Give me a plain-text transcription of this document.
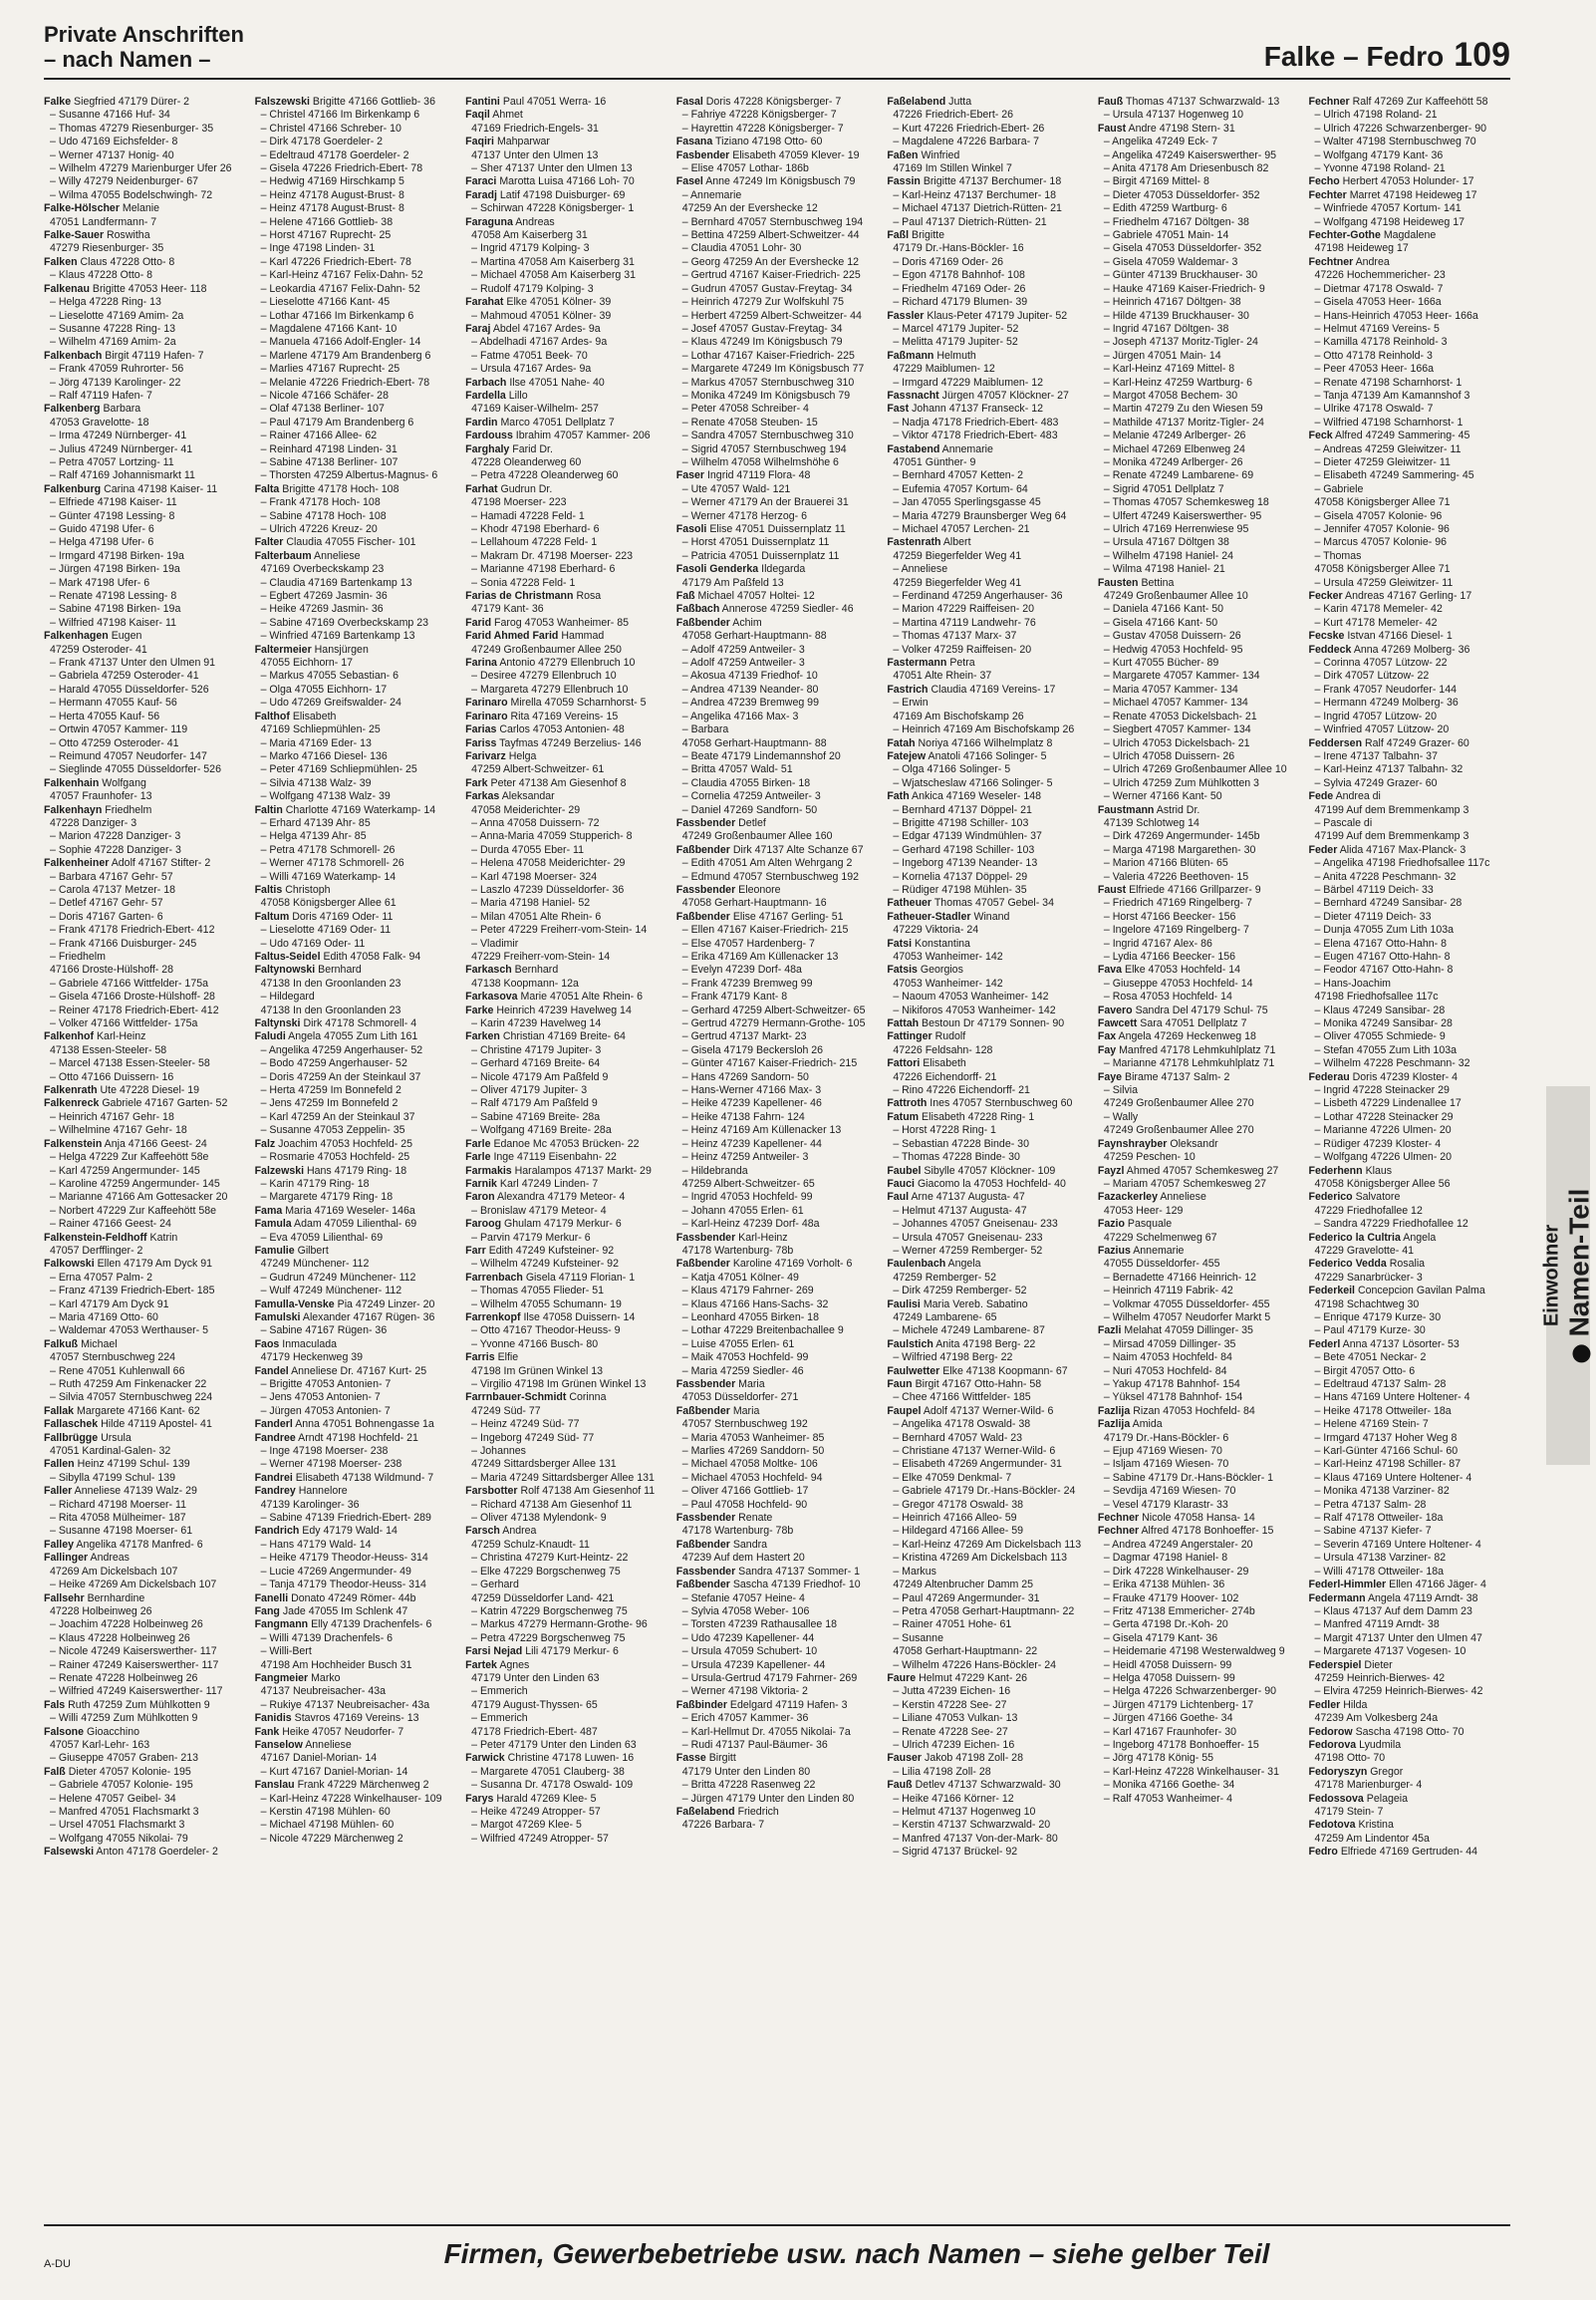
Private Anschriften
– nach Namen –	Falke – Fedro 109
Falke Siegfried 47179 Dürer- 2
– Susanne 47166 Huf- 34
– Thomas 47279 Riesenburger- 35
– Udo 47169 Eichsfelder- 8
– Werner 47137 Honig- 40
– Wilhelm 47279 Marienburger Ufer 26
– Willy 47279 Neidenburger- 67
– Wilma 47055 Bodelschwingh- 72
Falke-Hölscher Melanie
47051 Landfermann- 7
Falke-Sauer Roswitha
47279 Riesenburger- 35
Falken Claus 47228 Otto- 8
– Klaus 47228 Otto- 8
Falkenau Brigitte 47053 Heer- 118
– Helga 47228 Ring- 13
– Lieselotte 47169 Amim- 2a
– Susanne 47228 Ring- 13
– Wilhelm 47169 Amim- 2a
Falkenbach Birgit 47119 Hafen- 7
– Frank 47059 Ruhrorter- 56
– Jörg 47139 Karolinger- 22
– Ralf 47119 Hafen- 7
Falkenberg Barbara
47053 Gravelotte- 18
– Irma 47249 Nürnberger- 41
– Julius 47249 Nürnberger- 41
– Petra 47057 Lortzing- 11
– Ralf 47169 Johannismarkt 11
Falkenburg Carina 47198 Kaiser- 11
– Elfriede 47198 Kaiser- 11
– Günter 47198 Lessing- 8
– Guido 47198 Ufer- 6
– Helga 47198 Ufer- 6
– Irmgard 47198 Birken- 19a
– Jürgen 47198 Birken- 19a
– Mark 47198 Ufer- 6
– Renate 47198 Lessing- 8
– Sabine 47198 Birken- 19a
– Wilfried 47198 Kaiser- 11
Falkenhagen Eugen
47259 Osteroder- 41
– Frank 47137 Unter den Ulmen 91
– Gabriela 47259 Osteroder- 41
– Harald 47055 Düsseldorfer- 526
– Hermann 47055 Kauf- 56
– Herta 47055 Kauf- 56
– Ortwin 47057 Kammer- 119
– Otto 47259 Osteroder- 41
– Reimund 47057 Neudorfer- 147
– Sieglinde 47055 Düsseldorfer- 526
Falkenhain Wolfgang
47057 Fraunhofer- 13
Falkenhayn Friedhelm
47228 Danziger- 3
– Marion 47228 Danziger- 3
– Sophie 47228 Danziger- 3
Falkenheiner Adolf 47167 Stifter- 2
– Barbara 47167 Gehr- 57
– Carola 47137 Metzer- 18
– Detlef 47167 Gehr- 57
– Doris 47167 Garten- 6
– Frank 47178 Friedrich-Ebert- 412
– Frank 47166 Duisburger- 245
– Friedhelm
47166 Droste-Hülshoff- 28
– Gabriele 47166 Wittfelder- 175a
– Gisela 47166 Droste-Hülshoff- 28
– Reiner 47178 Friedrich-Ebert- 412
– Volker 47166 Wittfelder- 175a
Falkenhof Karl-Heinz
47138 Essen-Steeler- 58
– Marcel 47138 Essen-Steeler- 58
– Otto 47166 Duissern- 16
Falkenrath Ute 47228 Diesel- 19
Falkenreck Gabriele 47167 Garten- 52
– Heinrich 47167 Gehr- 18
– Wilhelmine 47167 Gehr- 18
Falkenstein Anja 47166 Geest- 24
– Helga 47229 Zur Kaffeehött 58e
– Karl 47259 Angermunder- 145
– Karoline 47259 Angermunder- 145
– Marianne 47166 Am Gottesacker 20
– Norbert 47229 Zur Kaffeehött 58e
– Rainer 47166 Geest- 24
Falkenstein-Feldhoff Katrin
47057 Derfflinger- 2
Falkowski Ellen 47179 Am Dyck 91
– Erna 47057 Palm- 2
– Franz 47139 Friedrich-Ebert- 185
– Karl 47179 Am Dyck 91
– Maria 47169 Otto- 60
– Waldemar 47053 Werthauser- 5
Falkuß Michael
47057 Sternbuschweg 224
– Rene 47051 Kuhlenwall 66
– Ruth 47259 Am Finkenacker 22
– Silvia 47057 Sternbuschweg 224
Fallak Margarete 47166 Kant- 62
Fallaschek Hilde 47119 Apostel- 41
Fallbrügge Ursula
47051 Kardinal-Galen- 32
Fallen Heinz 47199 Schul- 139
– Sibylla 47199 Schul- 139
Faller Anneliese 47139 Walz- 29
– Richard 47198 Moerser- 11
– Rita 47058 Mülheimer- 187
– Susanne 47198 Moerser- 61
Falley Angelika 47178 Manfred- 6
Fallinger Andreas
47269 Am Dickelsbach 107
– Heike 47269 Am Dickelsbach 107
Fallsehr Bernhardine
47228 Holbeinweg 26
– Joachim 47228 Holbeinweg 26
– Klaus 47228 Holbeinweg 26
– Nicole 47249 Kaiserswerther- 117
– Rainer 47249 Kaiserswerther- 117
– Renate 47228 Holbeinweg 26
– Wilfried 47249 Kaiserswerther- 117
Fals Ruth 47259 Zum Mühlkotten 9
– Willi 47259 Zum Mühlkotten 9
Falsone Gioacchino
47057 Karl-Lehr- 163
– Giuseppe 47057 Graben- 213
Falß Dieter 47057 Kolonie- 195
– Gabriele 47057 Kolonie- 195
– Helene 47057 Geibel- 34
– Manfred 47051 Flachsmarkt 3
– Ursel 47051 Flachsmarkt 3
– Wolfgang 47055 Nikolai- 79
Falsewski Anton 47178 Goerdeler- 2
Falszewski Brigitte 47166 Gottlieb- 36
– Christel 47166 Im Birkenkamp 6
– Christel 47166 Schreber- 10
– Dirk 47178 Goerdeler- 2
– Edeltraud 47178 Goerdeler- 2
– Gisela 47226 Friedrich-Ebert- 78
– Hedwig 47169 Hirschkamp 5
– Heinz 47178 August-Brust- 8
– Heinz 47178 August-Brust- 8
– Helene 47166 Gottlieb- 38
– Horst 47167 Ruprecht- 25
– Inge 47198 Linden- 31
– Karl 47226 Friedrich-Ebert- 78
– Karl-Heinz 47167 Felix-Dahn- 52
– Leokardia 47167 Felix-Dahn- 52
– Lieselotte 47166 Kant- 45
– Lothar 47166 Im Birkenkamp 6
– Magdalene 47166 Kant- 10
– Manuela 47166 Adolf-Engler- 14
– Marlene 47179 Am Brandenberg 6
– Marlies 47167 Ruprecht- 25
– Melanie 47226 Friedrich-Ebert- 78
– Nicole 47166 Schäfer- 28
– Olaf 47138 Berliner- 107
– Paul 47179 Am Brandenberg 6
– Rainer 47166 Allee- 62
– Reinhard 47198 Linden- 31
– Sabine 47138 Berliner- 107
– Thorsten 47259 Albertus-Magnus- 6
Falta Brigitte 47178 Hoch- 108
– Frank 47178 Hoch- 108
– Sabine 47178 Hoch- 108
– Ulrich 47226 Kreuz- 20
Falter Claudia 47055 Fischer- 101
Falterbaum Anneliese
47169 Overbeckskamp 23
– Claudia 47169 Bartenkamp 13
– Egbert 47269 Jasmin- 36
– Heike 47269 Jasmin- 36
– Sabine 47169 Overbeckskamp 23
– Winfried 47169 Bartenkamp 13
Faltermeier Hansjürgen
47055 Eichhorn- 17
– Markus 47055 Sebastian- 6
– Olga 47055 Eichhorn- 17
– Udo 47269 Greifswalder- 24
Falthof Elisabeth
47169 Schliepmühlen- 25
– Maria 47169 Eder- 13
– Marko 47166 Diesel- 136
– Peter 47169 Schliepmühlen- 25
– Silvia 47138 Walz- 39
– Wolfgang 47138 Walz- 39
Faltin Charlotte 47169 Waterkamp- 14
– Erhard 47139 Ahr- 85
– Helga 47139 Ahr- 85
– Petra 47178 Schmorell- 26
– Werner 47178 Schmorell- 26
– Willi 47169 Waterkamp- 14
Faltis Christoph
47058 Königsberger Allee 61
Faltum Doris 47169 Oder- 11
– Lieselotte 47169 Oder- 11
– Udo 47169 Oder- 11
Faltus-Seidel Edith 47058 Falk- 94
Faltynowski Bernhard
47138 In den Groonlanden 23
– Hildegard
47138 In den Groonlanden 23
Faltynski Dirk 47178 Schmorell- 4
Faludi Angela 47055 Zum Lith 161
– Angelika 47259 Angerhauser- 52
– Bodo 47259 Angerhauser- 52
– Doris 47259 An der Steinkaul 37
– Herta 47259 Im Bonnefeld 2
– Jens 47259 Im Bonnefeld 2
– Karl 47259 An der Steinkaul 37
– Susanne 47053 Zeppelin- 35
Falz Joachim 47053 Hochfeld- 25
– Rosmarie 47053 Hochfeld- 25
Falzewski Hans 47179 Ring- 18
– Karin 47179 Ring- 18
– Margarete 47179 Ring- 18
Fama Maria 47169 Weseler- 146a
Famula Adam 47059 Lilienthal- 69
– Eva 47059 Lilienthal- 69
Famulie Gilbert
47249 Münchener- 112
– Gudrun 47249 Münchener- 112
– Wulf 47249 Münchener- 112
Famulla-Venske Pia 47249 Linzer- 20
Famulski Alexander 47167 Rügen- 36
– Sabine 47167 Rügen- 36
Faos Inmaculada
47179 Heckenweg 39
Fandel Anneliese Dr. 47167 Kurt- 25
– Brigitte 47053 Antonien- 7
– Jens 47053 Antonien- 7
– Jürgen 47053 Antonien- 7
Fanderl Anna 47051 Bohnengasse 1a
Fandree Arndt 47198 Hochfeld- 21
– Inge 47198 Moerser- 238
– Werner 47198 Moerser- 238
Fandrei Elisabeth 47138 Wildmund- 7
Fandrey Hannelore
47139 Karolinger- 36
– Sabine 47139 Friedrich-Ebert- 289
Fandrich Edy 47179 Wald- 14
– Hans 47179 Wald- 14
– Heike 47179 Theodor-Heuss- 314
– Lucie 47269 Angermunder- 49
– Tanja 47179 Theodor-Heuss- 314
Fanelli Donato 47249 Römer- 44b
Fang Jade 47055 Im Schlenk 47
Fangmann Elly 47139 Drachenfels- 6
– Willi 47139 Drachenfels- 6
– Willi-Bert
47198 Am Hochheider Busch 31
Fangmeier Marko
47137 Neubreisacher- 43a
– Rukiye 47137 Neubreisacher- 43a
Fanidis Stavros 47169 Vereins- 13
Fank Heike 47057 Neudorfer- 7
Fanselow Anneliese
47167 Daniel-Morian- 14
– Kurt 47167 Daniel-Morian- 14
Fanslau Frank 47229 Märchenweg 2
– Karl-Heinz 47228 Winkelhauser- 109
– Kerstin 47198 Mühlen- 60
– Michael 47198 Mühlen- 60
– Nicole 47229 Märchenweg 2
Fantini Paul 47051 Werra- 16
Faqil Ahmet
47169 Friedrich-Engels- 31
Faqiri Mahparwar
47137 Unter den Ulmen 13
– Sher 47137 Unter den Ulmen 13
Faraci Marotta Luisa 47166 Loh- 70
Faradj Latif 47198 Duisburger- 69
– Schirwan 47228 Königsberger- 1
Faraguna Andreas
47058 Am Kaiserberg 31
– Ingrid 47179 Kolping- 3
– Martina 47058 Am Kaiserberg 31
– Michael 47058 Am Kaiserberg 31
– Rudolf 47179 Kolping- 3
Farahat Elke 47051 Kölner- 39
– Mahmoud 47051 Kölner- 39
Faraj Abdel 47167 Ardes- 9a
– Abdelhadi 47167 Ardes- 9a
– Fatme 47051 Beek- 70
– Ursula 47167 Ardes- 9a
Farbach Ilse 47051 Nahe- 40
Fardella Lillo
47169 Kaiser-Wilhelm- 257
Fardin Marco 47051 Dellplatz 7
Fardouss Ibrahim 47057 Kammer- 206
Farghaly Farid Dr.
47228 Oleanderweg 60
– Petra 47228 Oleanderweg 60
Farhat Gudrun Dr.
47198 Moerser- 223
– Hamadi 47228 Feld- 1
– Khodr 47198 Eberhard- 6
– Lellahoum 47228 Feld- 1
– Makram Dr. 47198 Moerser- 223
– Marianne 47198 Eberhard- 6
– Sonia 47228 Feld- 1
Farias de Christmann Rosa
47179 Kant- 36
Farid Farog 47053 Wanheimer- 85
Farid Ahmed Farid Hammad
47249 Großenbaumer Allee 250
Farina Antonio 47279 Ellenbruch 10
– Desiree 47279 Ellenbruch 10
– Margareta 47279 Ellenbruch 10
Farinaro Mirella 47059 Scharnhorst- 5
Farinaro Rita 47169 Vereins- 15
Farias Carlos 47053 Antonien- 48
Fariss Tayfmas 47249 Berzelius- 146
Farivarz Helga
47259 Albert-Schweitzer- 61
Fark Peter 47138 Am Giesenhof 8
Farkas Aleksandar
47058 Meiderichter- 29
– Anna 47058 Duissern- 72
– Anna-Maria 47059 Stupperich- 8
– Durda 47055 Eber- 11
– Helena 47058 Meiderichter- 29
– Karl 47198 Moerser- 324
– Laszlo 47239 Düsseldorfer- 36
– Maria 47198 Haniel- 52
– Milan 47051 Alte Rhein- 6
– Peter 47229 Freiherr-vom-Stein- 14
– Vladimir
47229 Freiherr-vom-Stein- 14
Farkasch Bernhard
47138 Koopmann- 12a
Farkasova Marie 47051 Alte Rhein- 6
Farke Heinrich 47239 Havelweg 14
– Karin 47239 Havelweg 14
Farken Christian 47169 Breite- 64
– Christine 47179 Jupiter- 3
– Gerhard 47169 Breite- 64
– Nicole 47179 Am Paßfeld 9
– Oliver 47179 Jupiter- 3
– Ralf 47179 Am Paßfeld 9
– Sabine 47169 Breite- 28a
– Wolfgang 47169 Breite- 28a
Farle Edanoe Mc 47053 Brücken- 22
Farle Inge 47119 Eisenbahn- 22
Farmakis Haralampos 47137 Markt- 29
Farnik Karl 47249 Linden- 7
Faron Alexandra 47179 Meteor- 4
– Bronislaw 47179 Meteor- 4
Faroog Ghulam 47179 Merkur- 6
– Parvin 47179 Merkur- 6
Farr Edith 47249 Kufsteiner- 92
– Wilhelm 47249 Kufsteiner- 92
Farrenbach Gisela 47119 Florian- 1
– Thomas 47055 Flieder- 51
– Wilhelm 47055 Schumann- 19
Farrenkopf Ilse 47058 Duissern- 14
– Otto 47167 Theodor-Heuss- 9
– Yvonne 47166 Busch- 80
Farris Elfie
47198 Im Grünen Winkel 13
– Virgilio 47198 Im Grünen Winkel 13
Farrnbauer-Schmidt Corinna
47249 Süd- 77
– Heinz 47249 Süd- 77
– Ingeborg 47249 Süd- 77
– Johannes
47249 Sittardsberger Allee 131
– Maria 47249 Sittardsberger Allee 131
Farsbotter Rolf 47138 Am Giesenhof 11
– Richard 47138 Am Giesenhof 11
– Oliver 47138 Mylendonk- 9
Farsch Andrea
47259 Schulz-Knaudt- 11
– Christina 47279 Kurt-Heintz- 22
– Elke 47229 Borgschenweg 75
– Gerhard
47259 Düsseldorfer Land- 421
– Katrin 47229 Borgschenweg 75
– Markus 47279 Hermann-Grothe- 96
– Petra 47229 Borgschenweg 75
Farsi Nejad Lili 47179 Merkur- 6
Fartek Agnes
47179 Unter den Linden 63
– Emmerich
47179 August-Thyssen- 65
– Emmerich
47178 Friedrich-Ebert- 487
– Peter 47179 Unter den Linden 63
Farwick Christine 47178 Luwen- 16
– Margarete 47051 Clauberg- 38
– Susanna Dr. 47178 Oswald- 109
Farys Harald 47269 Klee- 5
– Heike 47249 Atropper- 57
– Margot 47269 Klee- 5
– Wilfried 47249 Atropper- 57
Fasal Doris 47228 Königsberger- 7
– Fahriye 47228 Königsberger- 7
– Hayrettin 47228 Königsberger- 7
Fasana Tiziano 47198 Otto- 60
Fasbender Elisabeth 47059 Klever- 19
– Elise 47057 Lothar- 186b
Fasel Anne 47249 Im Königsbusch 79
– Annemarie
47259 An der Evershecke 12
– Bernhard 47057 Sternbuschweg 194
– Bettina 47259 Albert-Schweitzer- 44
– Claudia 47051 Lohr- 30
– Georg 47259 An der Evershecke 12
– Gertrud 47167 Kaiser-Friedrich- 225
– Gudrun 47057 Gustav-Freytag- 34
– Heinrich 47279 Zur Wolfskuhl 75
– Herbert 47259 Albert-Schweitzer- 44
– Josef 47057 Gustav-Freytag- 34
– Klaus 47249 Im Königsbusch 79
– Lothar 47167 Kaiser-Friedrich- 225
– Margarete 47249 Im Königsbusch 77
– Markus 47057 Sternbuschweg 310
– Monika 47249 Im Königsbusch 79
– Peter 47058 Schreiber- 4
– Renate 47058 Steuben- 15
– Sandra 47057 Sternbuschweg 310
– Sigrid 47057 Sternbuschweg 194
– Wilhelm 47058 Wilhelmshöhe 6
Faser Ingrid 47119 Flora- 48
– Ute 47057 Wald- 121
– Werner 47179 An der Brauerei 31
– Werner 47178 Herzog- 6
Fasoli Elise 47051 Duissernplatz 11
– Horst 47051 Duissernplatz 11
– Patricia 47051 Duissernplatz 11
Fasoli Genderka Ildegarda
47179 Am Paßfeld 13
Faß Michael 47057 Holtei- 12
Faßbach Annerose 47259 Siedler- 46
Faßbender Achim
47058 Gerhart-Hauptmann- 88
– Adolf 47259 Antweiler- 3
– Adolf 47259 Antweiler- 3
– Akosua 47139 Friedhof- 10
– Andrea 47139 Neander- 80
– Andrea 47239 Bremweg 99
– Angelika 47166 Max- 3
– Barbara
47058 Gerhart-Hauptmann- 88
– Beate 47179 Lindemannshof 20
– Britta 47057 Wald- 51
– Claudia 47055 Birken- 18
– Cornelia 47259 Antweiler- 3
– Daniel 47269 Sandforn- 50
Fassbender Detlef
47249 Großenbaumer Allee 160
Faßbender Dirk 47137 Alte Schanze 67
– Edith 47051 Am Alten Wehrgang 2
– Edmund 47057 Sternbuschweg 192
Fassbender Eleonore
47058 Gerhart-Hauptmann- 16
Faßbender Elise 47167 Gerling- 51
– Ellen 47167 Kaiser-Friedrich- 215
– Else 47057 Hardenberg- 7
– Erika 47169 Am Küllenacker 13
– Evelyn 47239 Dorf- 48a
– Frank 47239 Bremweg 99
– Frank 47179 Kant- 8
– Gerhard 47259 Albert-Schweitzer- 65
– Gertrud 47279 Hermann-Grothe- 105
– Gertrud 47137 Markt- 23
– Gisela 47179 Beckersloh 26
– Günter 47167 Kaiser-Friedrich- 215
– Hans 47269 Sandorn- 50
– Hans-Werner 47166 Max- 3
– Heike 47239 Kapellener- 46
– Heike 47138 Fahrn- 124
– Heinz 47169 Am Küllenacker 13
– Heinz 47239 Kapellener- 44
– Heinz 47259 Antweiler- 3
– Hildebranda
47259 Albert-Schweitzer- 65
– Ingrid 47053 Hochfeld- 99
– Johann 47055 Erlen- 61
– Karl-Heinz 47239 Dorf- 48a
Fassbender Karl-Heinz
47178 Wartenburg- 78b
Faßbender Karoline 47169 Vorholt- 6
– Katja 47051 Kölner- 49
– Klaus 47179 Fahrner- 269
– Klaus 47166 Hans-Sachs- 32
– Leonhard 47055 Birken- 18
– Lothar 47229 Breitenbachallee 9
– Luise 47055 Erlen- 61
– Maik 47053 Hochfeld- 99
– Maria 47259 Siedler- 46
Fassbender Maria
47053 Düsseldorfer- 271
Faßbender Maria
47057 Sternbuschweg 192
– Maria 47053 Wanheimer- 85
– Marlies 47269 Sanddorn- 50
– Michael 47058 Moltke- 106
– Michael 47053 Hochfeld- 94
– Oliver 47166 Gottlieb- 17
– Paul 47058 Hochfeld- 90
Fassbender Renate
47178 Wartenburg- 78b
Faßbender Sandra
47239 Auf dem Hastert 20
Fassbender Sandra 47137 Sommer- 1
Faßbender Sascha 47139 Friedhof- 10
– Stefanie 47057 Heine- 4
– Sylvia 47058 Weber- 106
– Torsten 47239 Rathausallee 18
– Udo 47239 Kapellener- 44
– Ursula 47059 Schubert- 10
– Ursula 47239 Kapellener- 44
– Ursula-Gertrud 47179 Fahrner- 269
– Werner 47198 Viktoria- 2
Faßbinder Edelgard 47119 Hafen- 3
– Erich 47057 Kammer- 36
– Karl-Hellmut Dr. 47055 Nikolai- 7a
– Rudi 47137 Paul-Bäumer- 36
Fasse Birgitt
47179 Unter den Linden 80
– Britta 47228 Rasenweg 22
– Jürgen 47179 Unter den Linden 80
Faßelabend Friedrich
47226 Barbara- 7
Faßelabend Jutta
47226 Friedrich-Ebert- 26
– Kurt 47226 Friedrich-Ebert- 26
– Magdalene 47226 Barbara- 7
Faßen Winfried
47169 Im Stillen Winkel 7
Fassin Brigitte 47137 Berchumer- 18
– Karl-Heinz 47137 Berchumer- 18
– Michael 47137 Dietrich-Rütten- 21
– Paul 47137 Dietrich-Rütten- 21
Faßl Brigitte
47179 Dr.-Hans-Böckler- 16
– Doris 47169 Oder- 26
– Egon 47178 Bahnhof- 108
– Friedhelm 47169 Oder- 26
– Richard 47179 Blumen- 39
Fassler Klaus-Peter 47179 Jupiter- 52
– Marcel 47179 Jupiter- 52
– Melitta 47179 Jupiter- 52
Faßmann Helmuth
47229 Maiblumen- 12
– Irmgard 47229 Maiblumen- 12
Fassnacht Jürgen 47057 Klöckner- 27
Fast Johann 47137 Franseck- 12
– Nadja 47178 Friedrich-Ebert- 483
– Viktor 47178 Friedrich-Ebert- 483
Fastabend Annemarie
47051 Günther- 9
– Bernhard 47057 Ketten- 2
– Eufemia 47057 Kortum- 64
– Jan 47055 Sperlingsgasse 45
– Maria 47279 Braunsberger Weg 64
– Michael 47057 Lerchen- 21
Fastenrath Albert
47259 Biegerfelder Weg 41
– Anneliese
47259 Biegerfelder Weg 41
– Ferdinand 47259 Angerhauser- 36
– Marion 47229 Raiffeisen- 20
– Martina 47119 Landwehr- 76
– Thomas 47137 Marx- 37
– Volker 47259 Raiffeisen- 20
Fastermann Petra
47051 Alte Rhein- 37
Fastrich Claudia 47169 Vereins- 17
– Erwin
47169 Am Bischofskamp 26
– Heinrich 47169 Am Bischofskamp 26
Fatah Noriya 47166 Wilhelmplatz 8
Fatejew Anatoli 47166 Solinger- 5
– Olga 47166 Solinger- 5
– Wjatscheslaw 47166 Solinger- 5
Fath Ankica 47169 Weseler- 148
– Bernhard 47137 Döppel- 21
– Brigitte 47198 Schiller- 103
– Edgar 47139 Windmühlen- 37
– Gerhard 47198 Schiller- 103
– Ingeborg 47139 Neander- 13
– Kornelia 47137 Döppel- 29
– Rüdiger 47198 Mühlen- 35
Fatheuer Thomas 47057 Gebel- 34
Fatheuer-Stadler Winand
47229 Viktoria- 24
Fatsi Konstantina
47053 Wanheimer- 142
Fatsis Georgios
47053 Wanheimer- 142
– Naoum 47053 Wanheimer- 142
– Nikiforos 47053 Wanheimer- 142
Fattah Bestoun Dr 47179 Sonnen- 90
Fattinger Rudolf
47226 Feldsahn- 128
Fattori Elisabeth
47226 Eichendorff- 21
– Rino 47226 Eichendorff- 21
Fattroth Ines 47057 Sternbuschweg 60
Fatum Elisabeth 47228 Ring- 1
– Horst 47228 Ring- 1
– Sebastian 47228 Binde- 30
– Thomas 47228 Binde- 30
Faubel Sibylle 47057 Klöckner- 109
Fauci Giacomo la 47053 Hochfeld- 40
Faul Arne 47137 Augusta- 47
– Helmut 47137 Augusta- 47
– Johannes 47057 Gneisenau- 233
– Ursula 47057 Gneisenau- 233
– Werner 47259 Remberger- 52
Faulenbach Angela
47259 Remberger- 52
– Dirk 47259 Remberger- 52
Faulisi Maria Vereb. Sabatino
47249 Lambarene- 65
– Michele 47249 Lambarene- 87
Faulstich Anita 47198 Berg- 22
– Wilfried 47198 Berg- 22
Faulwetter Elke 47138 Koopmann- 67
Faun Birgit 47167 Otto-Hahn- 58
– Chee 47166 Wittfelder- 185
Faupel Adolf 47137 Werner-Wild- 6
– Angelika 47178 Oswald- 38
– Bernhard 47057 Wald- 23
– Christiane 47137 Werner-Wild- 6
– Elisabeth 47269 Angermunder- 31
– Elke 47059 Denkmal- 7
– Gabriele 47179 Dr.-Hans-Böckler- 24
– Gregor 47178 Oswald- 38
– Heinrich 47166 Alleo- 59
– Hildegard 47166 Allee- 59
– Karl-Heinz 47269 Am Dickelsbach 113
– Kristina 47269 Am Dickelsbach 113
– Markus
47249 Altenbrucher Damm 25
– Paul 47269 Angermunder- 31
– Petra 47058 Gerhart-Hauptmann- 22
– Rainer 47051 Hohe- 61
– Susanne
47058 Gerhart-Hauptmann- 22
– Wilhelm 47226 Hans-Böckler- 24
Faure Helmut 47229 Kant- 26
– Jutta 47239 Eichen- 16
– Kerstin 47228 See- 27
– Liliane 47053 Vulkan- 13
– Renate 47228 See- 27
– Ulrich 47239 Eichen- 16
Fauser Jakob 47198 Zoll- 28
– Lilia 47198 Zoll- 28
Fauß Detlev 47137 Schwarzwald- 30
– Heike 47166 Körner- 12
– Helmut 47137 Hogenweg 10
– Kerstin 47137 Schwarzwald- 20
– Manfred 47137 Von-der-Mark- 80
– Sigrid 47137 Brückel- 92
Fauß Thomas 47137 Schwarzwald- 13
– Ursula 47137 Hogenweg 10
Faust Andre 47198 Stern- 31
– Angelika 47249 Eck- 7
– Angelika 47249 Kaiserswerther- 95
– Anita 47178 Am Driesenbusch 82
– Birgit 47169 Mittel- 8
– Dieter 47053 Düsseldorfer- 352
– Edith 47259 Wartburg- 6
– Friedhelm 47167 Döltgen- 38
– Gabriele 47051 Main- 14
– Gisela 47053 Düsseldorfer- 352
– Gisela 47059 Waldemar- 3
– Günter 47139 Bruckhauser- 30
– Hauke 47169 Kaiser-Friedrich- 9
– Heinrich 47167 Döltgen- 38
– Hilde 47139 Bruckhauser- 30
– Ingrid 47167 Döltgen- 38
– Joseph 47137 Moritz-Tigler- 24
– Jürgen 47051 Main- 14
– Karl-Heinz 47169 Mittel- 8
– Karl-Heinz 47259 Wartburg- 6
– Margot 47058 Bechem- 30
– Martin 47279 Zu den Wiesen 59
– Mathilde 47137 Moritz-Tigler- 24
– Melanie 47249 Arlberger- 26
– Michael 47269 Elbenweg 24
– Monika 47249 Arlberger- 26
– Renate 47249 Lambarene- 69
– Sigrid 47051 Dellplatz 7
– Thomas 47057 Schemkesweg 18
– Ulfert 47249 Kaiserswerther- 95
– Ulrich 47169 Herrenwiese 95
– Ursula 47167 Döltgen 38
– Wilhelm 47198 Haniel- 24
– Wilma 47198 Haniel- 21
Fausten Bettina
47249 Großenbaumer Allee 10
– Daniela 47166 Kant- 50
– Gisela 47166 Kant- 50
– Gustav 47058 Duissern- 26
– Hedwig 47053 Hochfeld- 95
– Kurt 47055 Bücher- 89
– Margarete 47057 Kammer- 134
– Maria 47057 Kammer- 134
– Michael 47057 Kammer- 134
– Renate 47053 Dickelsbach- 21
– Siegbert 47057 Kammer- 134
– Ulrich 47053 Dickelsbach- 21
– Ulrich 47058 Duissern- 26
– Ulrich 47269 Großenbaumer Allee 10
– Ulrich 47259 Zum Mühlkotten 3
– Werner 47166 Kant- 50
Faustmann Astrid Dr.
47139 Schlotweg 14
– Dirk 47269 Angermunder- 145b
– Marga 47198 Margarethen- 30
– Marion 47166 Blüten- 65
– Valeria 47226 Beethoven- 15
Faust Elfriede 47166 Grillparzer- 9
– Friedrich 47169 Ringelberg- 7
– Horst 47166 Beecker- 156
– Ingelore 47169 Ringelberg- 7
– Ingrid 47167 Alex- 86
– Lydia 47166 Beecker- 156
Fava Elke 47053 Hochfeld- 14
– Giuseppe 47053 Hochfeld- 14
– Rosa 47053 Hochfeld- 14
Favero Sandra Del 47179 Schul- 75
Fawcett Sara 47051 Dellplatz 7
Fax Angela 47269 Heckenweg 18
Fay Manfred 47178 Lehmkuhlplatz 71
– Marianne 47178 Lehmkuhlplatz 71
Faye Birame 47137 Salm- 2
– Silvia
47249 Großenbaumer Allee 270
– Wally
47249 Großenbaumer Allee 270
Faynshrayber Oleksandr
47259 Peschen- 10
Fayzl Ahmed 47057 Schemkesweg 27
– Mariam 47057 Schemkesweg 27
Fazackerley Anneliese
47053 Heer- 129
Fazio Pasquale
47229 Schelmenweg 67
Fazius Annemarie
47055 Düsseldorfer- 455
– Bernadette 47166 Heinrich- 12
– Heinrich 47119 Fabrik- 42
– Volkmar 47055 Düsseldorfer- 455
– Wilhelm 47057 Neudorfer Markt 5
Fazli Melahat 47059 Dillinger- 35
– Mirsad 47059 Dillinger- 35
– Naim 47053 Hochfeld- 84
– Nuri 47053 Hochfeld- 84
– Yakup 47178 Bahnhof- 154
– Yüksel 47178 Bahnhof- 154
Fazlija Rizan 47053 Hochfeld- 84
Fazlija Amida
47179 Dr.-Hans-Böckler- 6
– Ejup 47169 Wiesen- 70
– Isljam 47169 Wiesen- 70
– Sabine 47179 Dr.-Hans-Böckler- 1
– Sevdija 47169 Wiesen- 70
– Vesel 47179 Klarastr- 33
Fechner Nicole 47058 Hansa- 14
Fechner Alfred 47178 Bonhoeffer- 15
– Andrea 47249 Angerstaler- 20
– Dagmar 47198 Haniel- 8
– Dirk 47228 Winkelhauser- 29
– Erika 47138 Mühlen- 36
– Frauke 47179 Hoover- 102
– Fritz 47138 Emmericher- 274b
– Gerta 47198 Dr.-Koh- 20
– Gisela 47179 Kant- 36
– Heidemarie 47198 Westerwaldweg 9
– Heidl 47058 Duissern- 99
– Helga 47058 Duissern- 99
– Helga 47226 Schwarzenberger- 90
– Jürgen 47179 Lichtenberg- 17
– Jürgen 47166 Goethe- 34
– Karl 47167 Fraunhofer- 30
– Ingeborg 47178 Bonhoeffer- 15
– Jörg 47178 König- 55
– Karl-Heinz 47228 Winkelhauser- 31
– Monika 47166 Goethe- 34
– Ralf 47053 Wanheimer- 4
Fechner Ralf 47269 Zur Kaffeehött 58
– Ulrich 47198 Roland- 21
– Ulrich 47226 Schwarzenberger- 90
– Walter 47198 Sternbuschweg 70
– Wolfgang 47179 Kant- 36
– Yvonne 47198 Roland- 21
Fecho Herbert 47053 Holunder- 17
Fechter Marret 47198 Heideweg 17
– Winfriede 47057 Kortum- 141
– Wolfgang 47198 Heideweg 17
Fechter-Gothe Magdalene
47198 Heideweg 17
Fechtner Andrea
47226 Hochemmericher- 23
– Dietmar 47178 Oswald- 7
– Gisela 47053 Heer- 166a
– Hans-Heinrich 47053 Heer- 166a
– Helmut 47169 Vereins- 5
– Kamilla 47178 Reinhold- 3
– Otto 47178 Reinhold- 3
– Peer 47053 Heer- 166a
– Renate 47198 Scharnhorst- 1
– Tanja 47139 Am Kamannshof 3
– Ulrike 47178 Oswald- 7
– Wilfried 47198 Scharnhorst- 1
Feck Alfred 47249 Sammering- 45
– Andreas 47259 Gleiwitzer- 11
– Dieter 47259 Gleiwitzer- 11
– Elisabeth 47249 Sammering- 45
– Gabriele
47058 Königsberger Allee 71
– Gisela 47057 Kolonie- 96
– Jennifer 47057 Kolonie- 96
– Marcus 47057 Kolonie- 96
– Thomas
47058 Königsberger Allee 71
– Ursula 47259 Gleiwitzer- 11
Fecker Andreas 47167 Gerling- 17
– Karin 47178 Memeler- 42
– Kurt 47178 Memeler- 42
Fecske Istvan 47166 Diesel- 1
Feddeck Anna 47269 Molberg- 36
– Corinna 47057 Lützow- 22
– Dirk 47057 Lützow- 22
– Frank 47057 Neudorfer- 144
– Hermann 47249 Molberg- 36
– Ingrid 47057 Lützow- 20
– Winfried 47057 Lützow- 20
Feddersen Ralf 47249 Grazer- 60
– Irene 47137 Talbahn- 37
– Karl-Heinz 47137 Talbahn- 32
– Sylvia 47249 Grazer- 60
Fede Andrea di
47199 Auf dem Bremmenkamp 3
– Pascale di
47199 Auf dem Bremmenkamp 3
Feder Alida 47167 Max-Planck- 3
– Angelika 47198 Friedhofsallee 117c
– Anita 47228 Peschmann- 32
– Bärbel 47119 Deich- 33
– Bernhard 47249 Sansibar- 28
– Dieter 47119 Deich- 33
– Dunja 47055 Zum Lith 103a
– Elena 47167 Otto-Hahn- 8
– Eugen 47167 Otto-Hahn- 8
– Feodor 47167 Otto-Hahn- 8
– Hans-Joachim
47198 Friedhofsallee 117c
– Klaus 47249 Sansibar- 28
– Monika 47249 Sansibar- 28
– Oliver 47055 Schmiede- 9
– Stefan 47055 Zum Lith 103a
– Wilhelm 47228 Peschmann- 32
Federau Doris 47239 Kloster- 4
– Ingrid 47228 Steinacker 29
– Lisbeth 47229 Lindenallee 17
– Lothar 47228 Steinacker 29
– Marianne 47226 Ulmen- 20
– Rüdiger 47239 Kloster- 4
– Wolfgang 47226 Ulmen- 20
Federhenn Klaus
47058 Königsberger Allee 56
Federico Salvatore
47229 Friedhofallee 12
– Sandra 47229 Friedhofallee 12
Federico la Cultria Angela
47229 Gravelotte- 41
Federico Vedda Rosalia
47229 Sanarbrücker- 3
Federkeil Concepcion Gavilan Palma
47198 Schachtweg 30
– Enrique 47179 Kurze- 30
– Paul 47179 Kurze- 30
Federl Anna 47137 Lösorter- 53
– Bete 47051 Neckar- 2
– Birgit 47057 Otto- 6
– Edeltraud 47137 Salm- 28
– Hans 47169 Untere Holtener- 4
– Heike 47178 Ottweiler- 18a
– Helene 47169 Stein- 7
– Irmgard 47137 Hoher Weg 8
– Karl-Günter 47166 Schul- 60
– Karl-Heinz 47198 Schiller- 87
– Klaus 47169 Untere Holtener- 4
– Monika 47138 Varziner- 82
– Petra 47137 Salm- 28
– Ralf 47178 Ottweiler- 18a
– Sabine 47137 Kiefer- 7
– Severin 47169 Untere Holtener- 4
– Ursula 47138 Varziner- 82
– Willi 47178 Ottweiler- 18a
Federl-Himmler Ellen 47166 Jäger- 4
Federmann Angela 47119 Arndt- 38
– Klaus 47137 Auf dem Damm 23
– Manfred 47119 Arndt- 38
– Margit 47137 Unter den Ulmen 47
– Margarete 47137 Vogesen- 10
Federspiel Dieter
47259 Heinrich-Bierwes- 42
– Elvira 47259 Heinrich-Bierwes- 42
Fedler Hilda
47239 Am Volkesberg 24a
Fedorow Sascha 47198 Otto- 70
Fedorova Lyudmila
47198 Otto- 70
Fedoryszyn Gregor
47178 Marienburger- 4
Fedossova Pelageia
47179 Stein- 7
Fedotova Kristina
47259 Am Lindentor 45a
Fedro Elfriede 47169 Gertruden- 44
Einwohner Namen-Teil
A-DU	Firmen, Gewerbebetriebe usw. nach Namen – siehe gelber Teil
